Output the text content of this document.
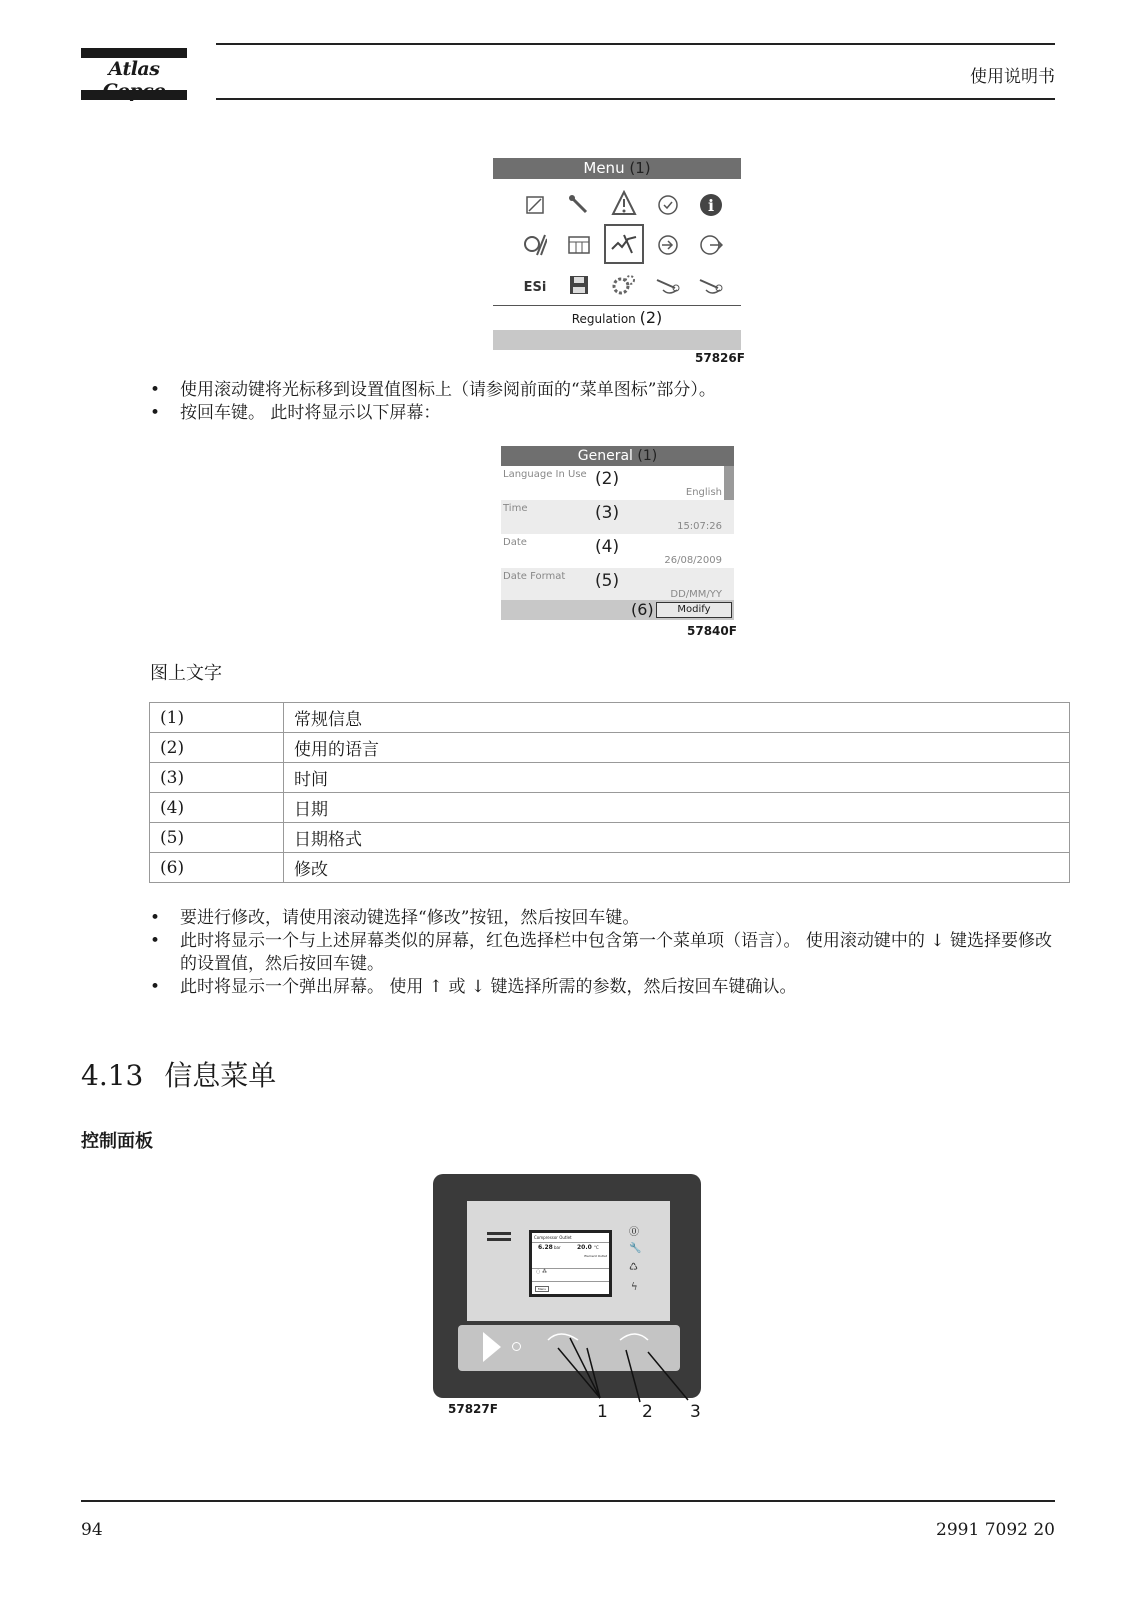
Atlas	使用说明书
Menu (1)
i
ESi
Regulation (2)
57826F
• 使用滚动键将光标移到设置值图标上（请参阅前面的“菜单图标”部分）。
• 按回车键。 此时将显示以下屏幕：
General (1)
Language In Use (2)
English
Time	(3)
15:07:26
Date	(4)
26/08/2009
Date Format (5)
DD/MM/YY
(6)	Modify
57840F
图上文字
(1)	常规信息
(2)	使用的语言
(3)	时间
(4)	日期
(5)	日期格式
(6)	修改
• 要进行修改，请使用滚动键选择“修改”按钮，然后按回车键。
• 此时将显示一个与上述屏幕类似的屏幕，红色选择栏中包含第一个菜单项（语言）。 使用滚动键中的 ↓ 键选择要修改的设置值，然后按回车键。
• 此时将显示一个弹出屏幕。 使用 ↑ 或 ↓ 键选择所需的参数，然后按回车键确认。
4.13 信息菜单
控制面板
Compressor Outlet
6.28 bar	20.0 °C
Element Outlet
◌ ⁂
Menu
⓪
🔧
♺
ϟ
57827F	1 2 3
94	2991 7092 20
